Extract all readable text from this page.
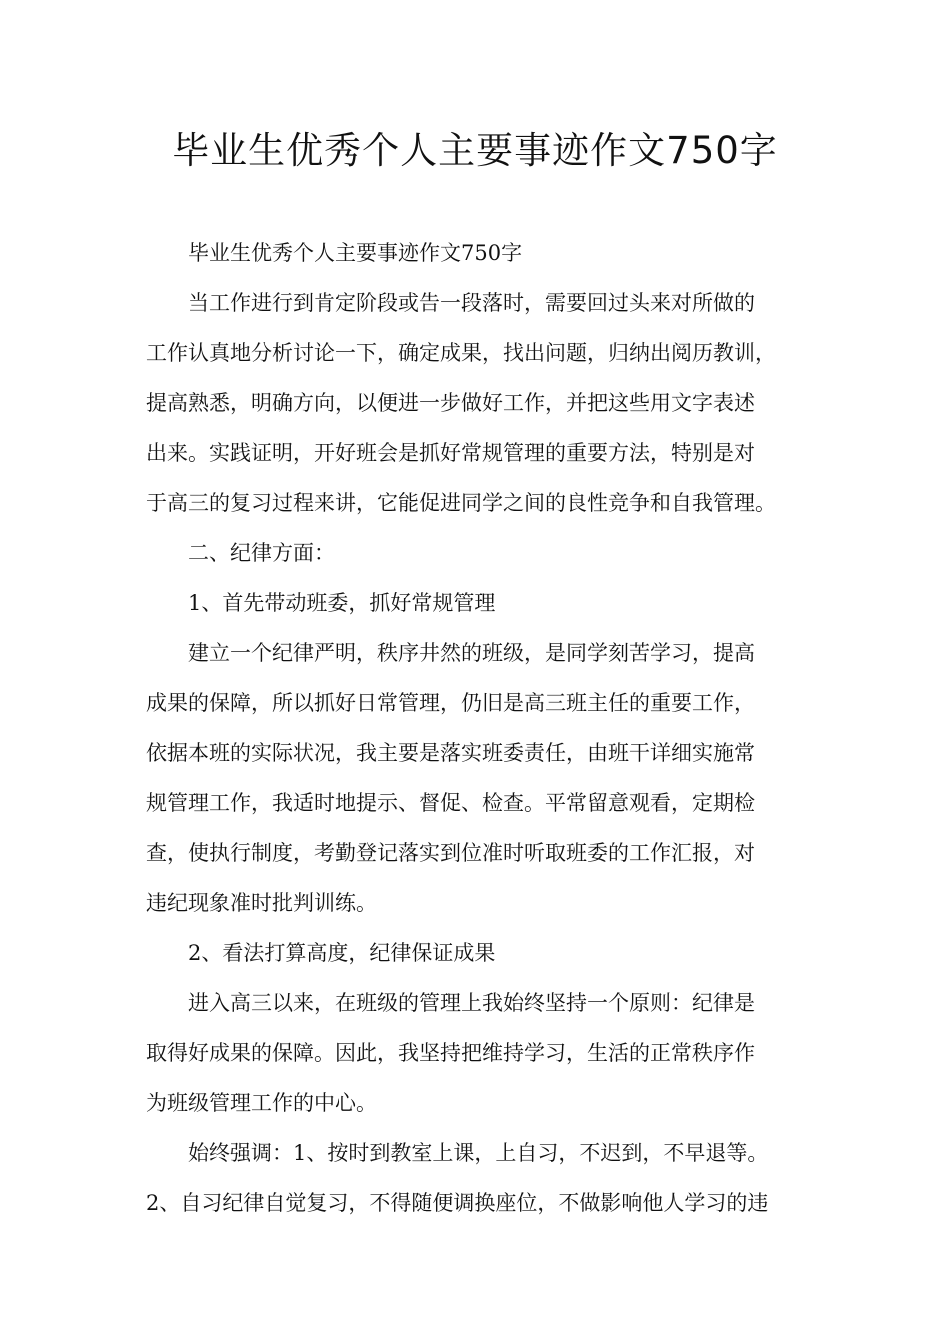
毕业生优秀个人主要事迹作文750字
毕业生优秀个人主要事迹作文750字
当工作进行到肯定阶段或告一段落时，需要回过头来对所做的
工作认真地分析讨论一下，确定成果，找出问题，归纳出阅历教训，
提高熟悉，明确方向，以便进一步做好工作，并把这些用文字表述
出来。实践证明，开好班会是抓好常规管理的重要方法，特别是对
于高三的复习过程来讲，它能促进同学之间的良性竞争和自我管理。
二、纪律方面：
1、首先带动班委，抓好常规管理
建立一个纪律严明，秩序井然的班级，是同学刻苦学习，提高
成果的保障，所以抓好日常管理，仍旧是高三班主任的重要工作，
依据本班的实际状况，我主要是落实班委责任，由班干详细实施常
规管理工作，我适时地提示、督促、检查。平常留意观看，定期检
查，使执行制度，考勤登记落实到位准时听取班委的工作汇报，对
违纪现象准时批判训练。
2、看法打算高度，纪律保证成果
进入高三以来，在班级的管理上我始终坚持一个原则：纪律是
取得好成果的保障。因此，我坚持把维持学习，生活的正常秩序作
为班级管理工作的中心。
始终强调：1、按时到教室上课，上自习，不迟到，不早退等。
2、自习纪律自觉复习，不得随便调换座位，不做影响他人学习的违
